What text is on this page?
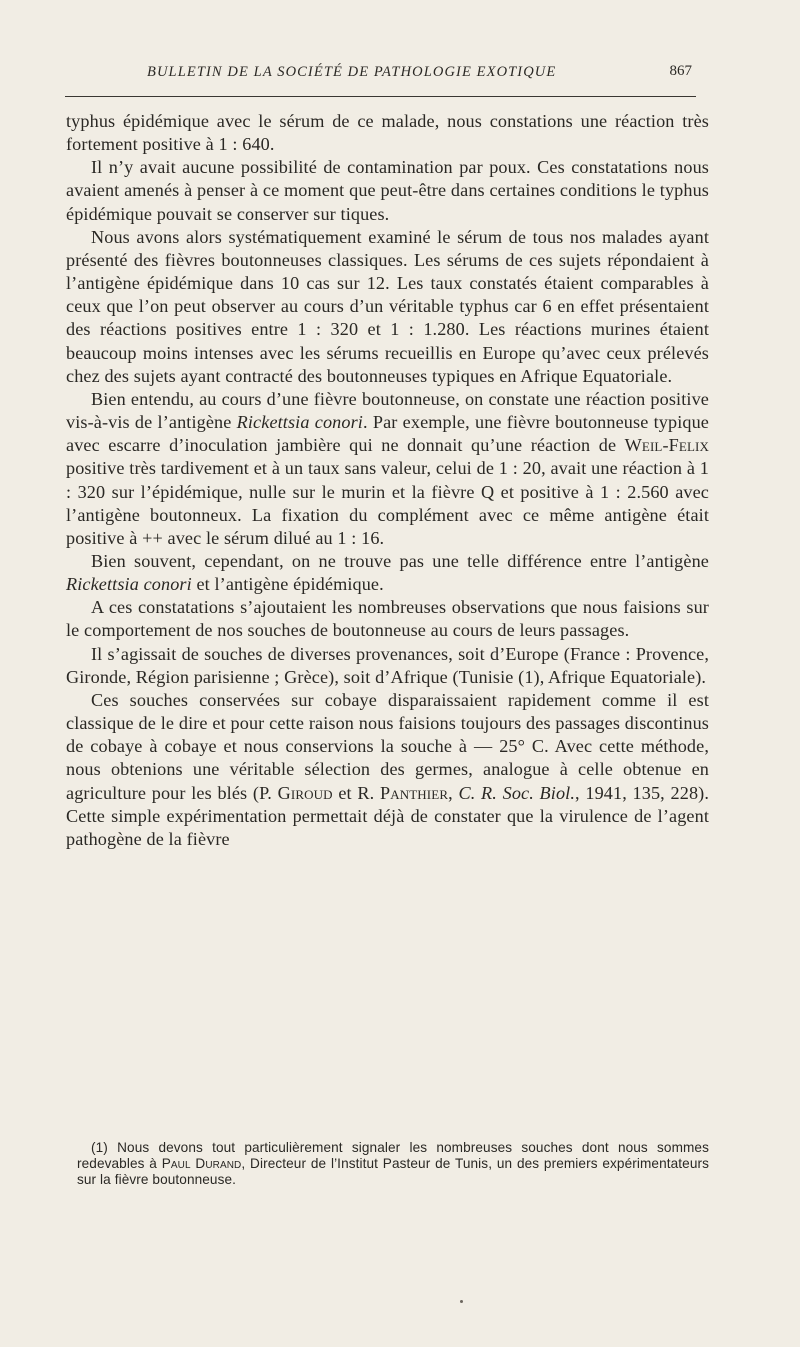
BULLETIN DE LA SOCIÉTÉ DE PATHOLOGIE EXOTIQUE	867

typhus épidémique avec le sérum de ce malade, nous constations une réaction très fortement positive à 1 : 640.

Il n’y avait aucune possibilité de contamination par poux. Ces constatations nous avaient amenés à penser à ce moment que peut-être dans certaines conditions le typhus épidémique pouvait se conserver sur tiques.

Nous avons alors systématiquement examiné le sérum de tous nos malades ayant présenté des fièvres boutonneuses classiques. Les sérums de ces sujets répondaient à l’antigène épidémique dans 10 cas sur 12. Les taux constatés étaient comparables à ceux que l’on peut observer au cours d’un véritable typhus car 6 en effet présentaient des réactions positives entre 1 : 320 et 1 : 1.280. Les réactions murines étaient beaucoup moins intenses avec les sérums recueillis en Europe qu’avec ceux prélevés chez des sujets ayant contracté des boutonneuses typiques en Afrique Equatoriale.

Bien entendu, au cours d’une fièvre boutonneuse, on constate une réaction positive vis-à-vis de l’antigène Rickettsia conori. Par exemple, une fièvre boutonneuse typique avec escarre d’inoculation jambière qui ne donnait qu’une réaction de Weil-Felix positive très tardivement et à un taux sans valeur, celui de 1 : 20, avait une réaction à 1 : 320 sur l’épidémique, nulle sur le murin et la fièvre Q et positive à 1 : 2.560 avec l’antigène boutonneux. La fixation du complément avec ce même antigène était positive à ++ avec le sérum dilué au 1 : 16.

Bien souvent, cependant, on ne trouve pas une telle différence entre l’antigène Rickettsia conori et l’antigène épidémique.

A ces constatations s’ajoutaient les nombreuses observations que nous faisions sur le comportement de nos souches de boutonneuse au cours de leurs passages.

Il s’agissait de souches de diverses provenances, soit d’Europe (France : Provence, Gironde, Région parisienne ; Grèce), soit d’Afrique (Tunisie (1), Afrique Equatoriale).

Ces souches conservées sur cobaye disparaissaient rapidement comme il est classique de le dire et pour cette raison nous faisions toujours des passages discontinus de cobaye à cobaye et nous conservions la souche à — 25° C. Avec cette méthode, nous obtenions une véritable sélection des germes, analogue à celle obtenue en agriculture pour les blés (P. Giroud et R. Panthier, C. R. Soc. Biol., 1941, 135, 228). Cette simple expérimentation permettait déjà de constater que la virulence de l’agent pathogène de la fièvre

(1) Nous devons tout particulièrement signaler les nombreuses souches dont nous sommes redevables à Paul Durand, Directeur de l’Institut Pasteur de Tunis, un des premiers expérimentateurs sur la fièvre boutonneuse.
